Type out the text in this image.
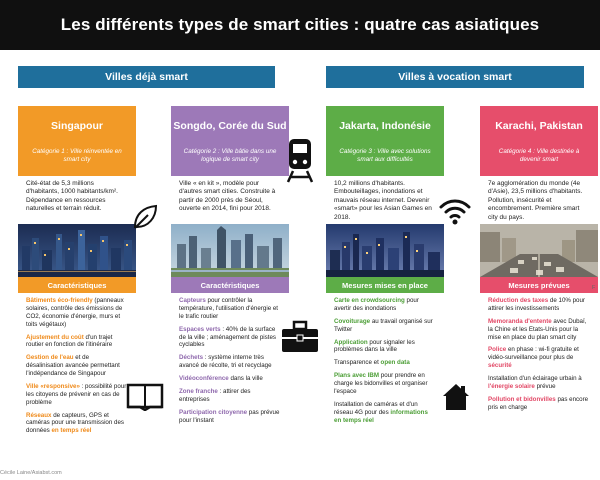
Les différents types de smart cities : quatre cas asiatiques
Villes déjà smart	Villes à vocation smart
Singapour
Catégorie 1 : Ville réinventée en smart city
Cité-état de 5,3 millions d'habitants, 1000 habitants/km². Dépendance en ressources naturelles et terrain réduit.
Caractéristiques

Bâtiments éco-friendly (panneaux solaires, contrôle des émissions de CO2, économie d'énergie, murs et toits végétaux)

Ajustement du coût d'un trajet routier en fonction de l'itinéraire

Gestion de l'eau et de désalinisation avancée permettant l'indépendance de Singapour

Ville «responsive» : possibilité pour les citoyens de prévenir en cas de problème

Réseaux de capteurs, GPS et caméras pour une transmission des données en temps réel

Songdo, Corée du Sud
Catégorie 2 : Ville bâtie dans une logique de smart city
Ville « en kit », modèle pour d'autres smart cities. Construite à partir de 2000 près de Séoul, ouverte en 2014, fini pour 2018.
Caractéristiques

Capteurs pour contrôler la température, l'utilisation d'énergie et le trafic routier

Espaces verts : 40% de la surface de la ville ; aménagement de pistes cyclables

Déchets : système interne très avancé de récolte, tri et recyclage

Vidéoconférence dans la ville

Zone franche : attirer des entreprises

Participation citoyenne pas prévue pour l'instant

Jakarta, Indonésie
Catégorie 3 : Ville avec solutions smart aux difficultés
10,2 millions d'habitants. Embouteillages, inondations et mauvais réseau internet. Devenir «smart» pour les Asian Games en 2018.
Mesures mises en place

Carte en crowdsourcing pour avertir des inondations

Covoiturage au travail organisé sur Twitter

Application pour signaler les problèmes dans la ville

Transparence et open data

Plans avec IBM pour prendre en charge les bidonvilles et organiser l'espace

Installation de caméras et d'un réseau 4G pour des informations en temps réel

Karachi, Pakistan
Catégorie 4 : Ville destinée à devenir smart
7e agglomération du monde (4e d'Asie), 23,5 millions d'habitants. Pollution, insécurité et encombrement. Première smart city du pays.
Mesures prévues

Réduction des taxes de 10% pour attirer les investissements

Memoranda d'entente avec Dubaï, la Chine et les Etats-Unis pour la mise en place du plan smart city

Police en phase : wi-fi gratuite et vidéo-surveillance pour plus de sécurité

Installation d'un éclairage urbain à l'énergie solaire prévue

Pollution et bidonvilles pas encore pris en charge

Cécile Laine/Asiabst.com
F
